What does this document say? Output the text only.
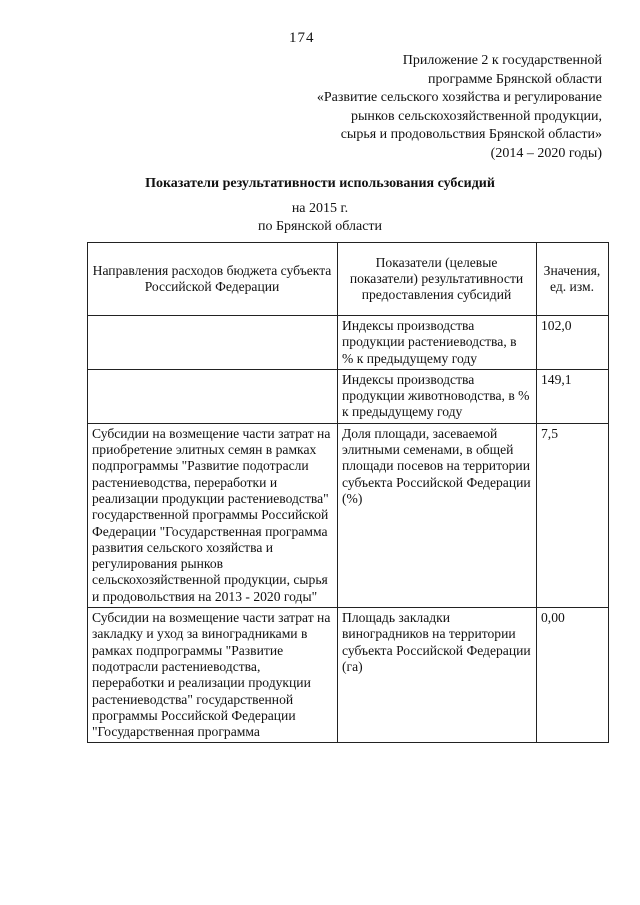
174
Приложение 2 к государственной
программе Брянской области
«Развитие сельского хозяйства и регулирование
рынков сельскохозяйственной продукции,
сырья и продовольствия Брянской области»
(2014 – 2020 годы)
Показатели результативности использования субсидий
на 2015 г.
по Брянской области
Направления расходов бюджета субъекта Российской Федерации	Показатели (целевые показатели) результативности предоставления субсидий	Значения, ед. изм.
	Индексы производства продукции растениеводства, в % к предыдущему году	102,0
	Индексы производства продукции животноводства, в % к предыдущему году	149,1
Субсидии на возмещение части затрат на приобретение элитных семян в рамках подпрограммы "Развитие подотрасли растениеводства, переработки и реализации продукции растениеводства" государственной программы Российской Федерации "Государственная программа развития сельского хозяйства и регулирования рынков сельскохозяйственной продукции, сырья и продовольствия на 2013 - 2020 годы"	Доля площади, засеваемой элитными семенами, в общей площади посевов на территории субъекта Российской Федерации (%)	7,5
Субсидии на возмещение части затрат на закладку и уход за виноградниками в рамках подпрограммы "Развитие подотрасли растениеводства, переработки и реализации продукции растениеводства" государственной программы Российской Федерации "Государственная программа	Площадь закладки виноградников на территории субъекта Российской Федерации (га)	0,00
